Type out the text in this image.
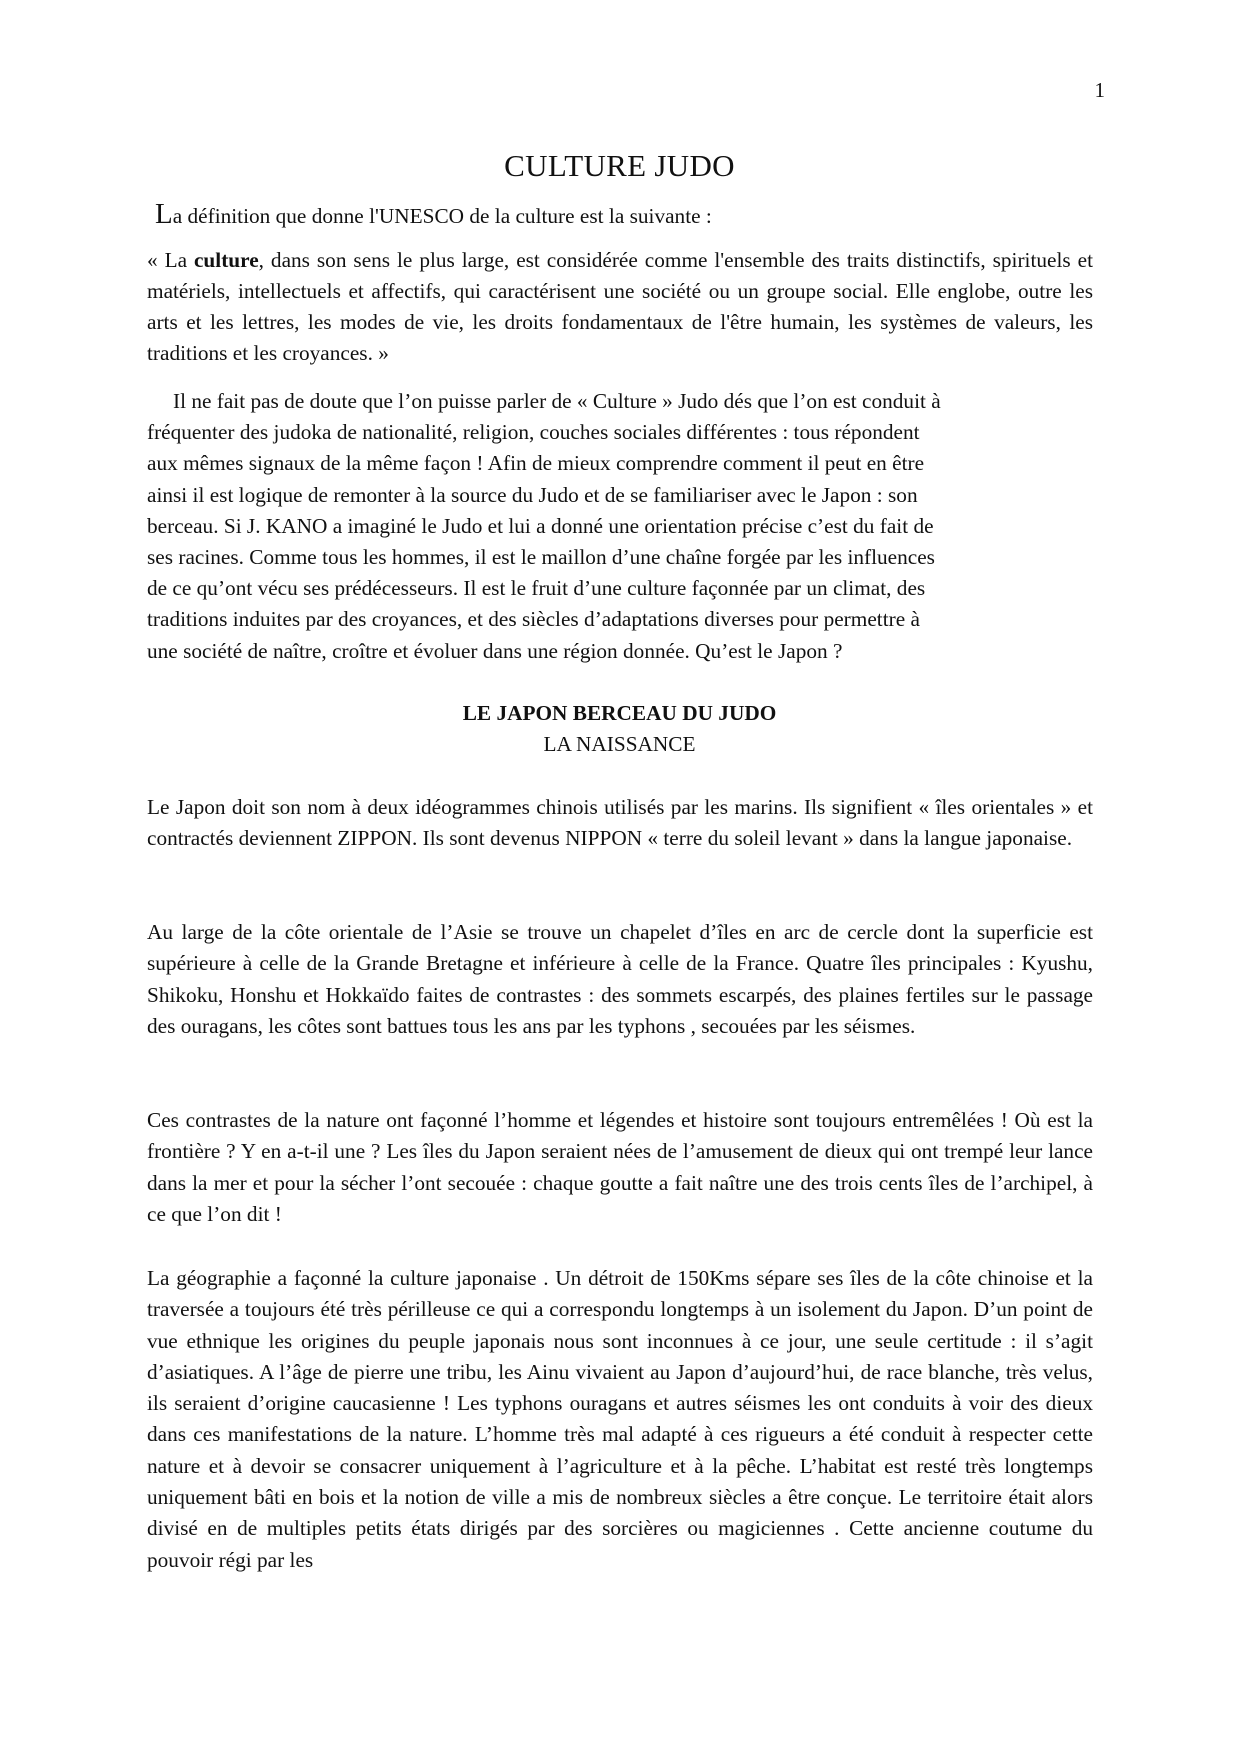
1
CULTURE JUDO
La définition que donne l'UNESCO de la culture est la suivante :

« La culture, dans son sens le plus large, est considérée comme l'ensemble des traits distinctifs, spirituels et matériels, intellectuels et affectifs, qui caractérisent une société ou un groupe social. Elle englobe, outre les arts et les lettres, les modes de vie, les droits fondamentaux de l'être humain, les systèmes de valeurs, les traditions et les croyances. »

Il ne fait pas de doute que l’on puisse parler de « Culture » Judo dés que l’on est conduit à
fréquenter des judoka de nationalité, religion, couches sociales différentes : tous répondent
aux mêmes signaux de la même façon ! Afin de mieux comprendre comment il peut en être
ainsi il est logique de remonter à la source du Judo et de se familiariser avec le Japon : son
berceau. Si J. KANO a imaginé le Judo et lui a donné une orientation précise c’est du fait de
ses racines. Comme tous les hommes, il est le maillon d’une chaîne forgée par les influences
de ce qu’ont vécu ses prédécesseurs. Il est le fruit d’une culture façonnée par un climat, des
traditions induites par des croyances, et des siècles d’adaptations diverses pour permettre à
une société de naître, croître et évoluer dans une région donnée. Qu’est le Japon ?
LE JAPON BERCEAU DU JUDO
LA NAISSANCE

Le Japon doit son nom à deux idéogrammes chinois utilisés par les marins. Ils signifient « îles orientales » et contractés deviennent ZIPPON. Ils sont devenus NIPPON « terre du soleil levant » dans la langue japonaise.

Au large de la côte orientale de l’Asie se trouve un chapelet d’îles en arc de cercle dont la superficie est supérieure à celle de la Grande Bretagne et inférieure à celle de la France. Quatre îles principales : Kyushu, Shikoku, Honshu et Hokkaïdo faites de contrastes : des sommets escarpés, des plaines fertiles sur le passage des ouragans, les côtes sont battues tous les ans par les typhons , secouées par les séismes.

Ces contrastes de la nature ont façonné l’homme et légendes et histoire sont toujours entremêlées ! Où est la frontière ? Y en a-t-il une ? Les îles du Japon seraient nées de l’amusement de dieux qui ont trempé leur lance dans la mer et pour la sécher l’ont secouée : chaque goutte a fait naître une des trois cents îles de l’archipel, à ce que l’on dit !

La géographie a façonné la culture japonaise . Un détroit de 150Kms sépare ses îles de la côte chinoise et la traversée a toujours été très périlleuse ce qui a correspondu longtemps à un isolement du Japon. D’un point de vue ethnique les origines du peuple japonais nous sont inconnues à ce jour, une seule certitude : il s’agit d’asiatiques. A l’âge de pierre une tribu, les Ainu vivaient au Japon d’aujourd’hui, de race blanche, très velus, ils seraient d’origine caucasienne ! Les typhons ouragans et autres séismes les ont conduits à voir des dieux dans ces manifestations de la nature. L’homme très mal adapté à ces rigueurs a été conduit à respecter cette nature et à devoir se consacrer uniquement à l’agriculture et à la pêche. L’habitat est resté très longtemps uniquement bâti en bois et la notion de ville a mis de nombreux siècles a être conçue. Le territoire était alors divisé en de multiples petits états dirigés par des sorcières ou magiciennes . Cette ancienne coutume du pouvoir régi par les
